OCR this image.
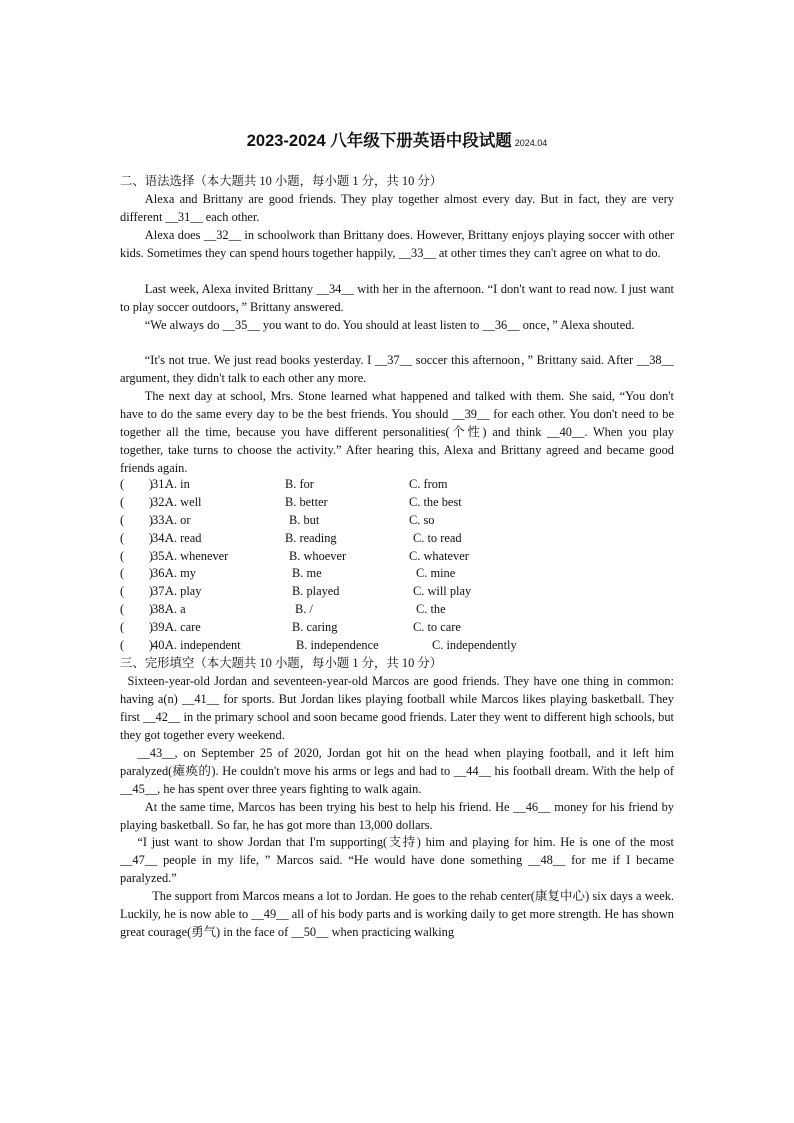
2023-2024 八年级下册英语中段试题 2024.04
二、语法选择（本大题共 10 小题，每小题 1 分，共 10 分）
Alexa and Brittany are good friends. They play together almost every day. But in fact, they are very different __31__ each other.
Alexa does __32__ in schoolwork than Brittany does. However, Brittany enjoys playing soccer with other kids. Sometimes they can spend hours together happily, __33__ at other times they can't agree on what to do.
Last week, Alexa invited Brittany __34__ with her in the afternoon. “I don't want to read now. I just want to play soccer outdoors，” Brittany answered.
“We always do __35__ you want to do. You should at least listen to __36__ once，” Alexa shouted.
“It's not true. We just read books yesterday. I __37__ soccer this afternoon，” Brittany said. After __38__ argument, they didn't talk to each other any more.
The next day at school, Mrs. Stone learned what happened and talked with them. She said, “You don't have to do the same every day to be the best friends. You should __39__ for each other. You don't need to be together all the time, because you have different personalities(个性) and think __40__. When you play together, take turns to choose the activity.” After hearing this, Alexa and Brittany agreed and became good friends again.
(　　)
31.
A. in	B. for	C. from
(　　)
32.
A. well	B. better	C. the best
(　　)
33.
A. or	B. but	C. so
(　　)
34.
A. read	B. reading	C. to read
(　　)
35.
A. whenever	B. whoever	C. whatever
(　　)
36.
A. my	B. me	C. mine
(　　)
37.
A. play	B. played	C. will play
(　　)
38.
A. a	B. /	C. the
(　　)
39.
A. care	B. caring	C. to care
(　　)
40.
A. independent	B. independence	C. independently
三、完形填空（本大题共 10 小题，每小题 1 分，共 10 分）
Sixteen-year-old Jordan and seventeen-year-old Marcos are good friends. They have one thing in common: having a(n) __41__ for sports. But Jordan likes playing football while Marcos likes playing basketball. They first __42__ in the primary school and soon became good friends. Later they went to different high schools, but they got together every weekend.
__43__, on September 25 of 2020, Jordan got hit on the head when playing football, and it left him paralyzed(瘫痪的). He couldn't move his arms or legs and had to __44__ his football dream. With the help of __45__, he has spent over three years fighting to walk again.
At the same time, Marcos has been trying his best to help his friend. He __46__ money for his friend by playing basketball. So far, he has got more than 13,000 dollars.
“I just want to show Jordan that I'm supporting(支持) him and playing for him. He is one of the most __47__ people in my life, ” Marcos said. “He would have done something __48__ for me if I became paralyzed.”
The support from Marcos means a lot to Jordan. He goes to the rehab center(康复中心) six days a week. Luckily, he is now able to __49__ all of his body parts and is working daily to get more strength. He has shown great courage(勇气) in the face of __50__ when practicing walking
